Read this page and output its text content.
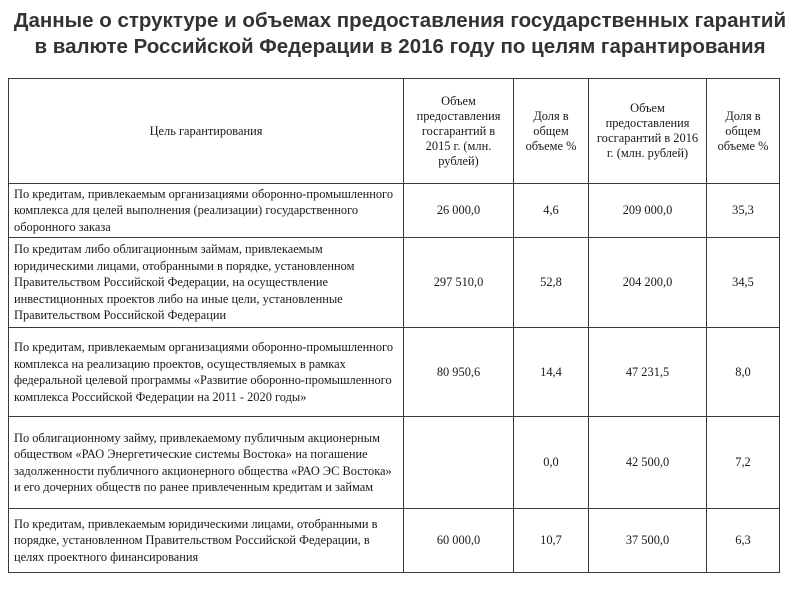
Данные о структуре и объемах предоставления государственных гарантий
в валюте Российской Федерации в 2016 году по целям гарантирования
Цель гарантирования	Объем предоставления госгарантий в 2015 г. (млн. рублей)	Доля в общем объеме %	Объем предоставления госгарантий в 2016 г. (млн. рублей)	Доля в общем объеме %
По кредитам, привлекаемым организациями оборонно-промышленного комплекса для целей выполнения (реализации) государственного оборонного заказа	26 000,0	4,6	209 000,0	35,3
По кредитам либо облигационным займам, привлекаемым юридическими лицами, отобранными в порядке, установленном Правительством Российской Федерации, на осуществление инвестиционных проектов либо на иные цели, установленные Правительством Российской Федерации	297 510,0	52,8	204 200,0	34,5
По кредитам, привлекаемым организациями оборонно-промышленного комплекса на реализацию проектов, осуществляемых в рамках федеральной целевой программы «Развитие оборонно-промышленного комплекса Российской Федерации на 2011 - 2020 годы»	80 950,6	14,4	47 231,5	8,0
По облигационному займу, привлекаемому публичным акционерным обществом «РАО Энергетические системы Востока» на погашение задолженности публичного акционерного общества «РАО ЭС Востока» и его дочерних обществ по ранее привлеченным кредитам и займам		0,0	42 500,0	7,2
По кредитам, привлекаемым юридическими лицами, отобранными в порядке, установленном Правительством Российской Федерации, в целях проектного финансирования	60 000,0	10,7	37 500,0	6,3
